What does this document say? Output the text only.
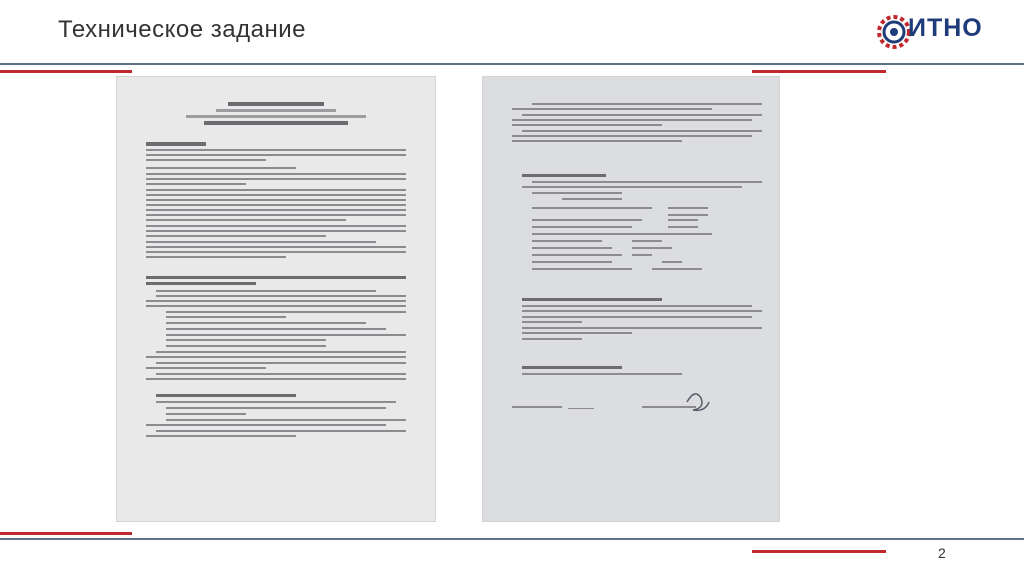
Техническое задание	ИТНО
2
